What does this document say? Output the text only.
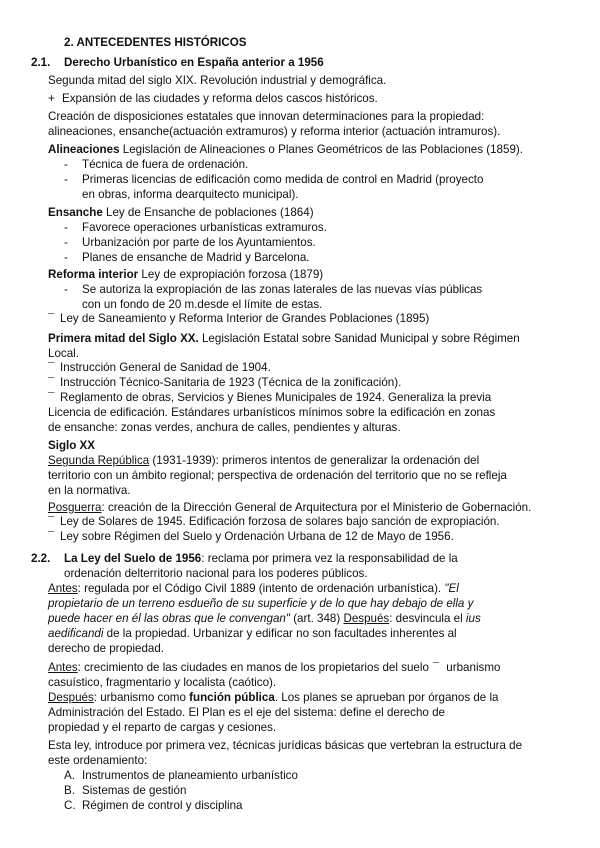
2. ANTECEDENTES HISTÓRICOS

2.1. Derecho Urbanístico en España anterior a 1956

Segunda mitad del siglo XIX. Revolución industrial y demográfica.

+ Expansión de las ciudades y reforma delos cascos históricos.

Creación de disposiciones estatales que innovan determinaciones para la propiedad:

alineaciones, ensanche(actuación extramuros) y reforma interior (actuación intramuros).

Alineaciones Legislación de Alineaciones o Planes Geométricos de las Poblaciones (1859).

- Técnica de fuera de ordenación.

- Primeras licencias de edificación como medida de control en Madrid (proyecto

en obras, informa dearquitecto municipal).

Ensanche Ley de Ensanche de poblaciones (1864)

- Favorece operaciones urbanísticas extramuros.

- Urbanización por parte de los Ayuntamientos.

- Planes de ensanche de Madrid y Barcelona.

Reforma interior Ley de expropiación forzosa (1879)

- Se autoriza la expropiación de las zonas laterales de las nuevas vías públicas

con un fondo de 20 m.desde el límite de estas.

¯ Ley de Saneamiento y Reforma Interior de Grandes Poblaciones (1895)

Primera mitad del Siglo XX. Legislación Estatal sobre Sanidad Municipal y sobre Régimen

Local.

¯ Instrucción General de Sanidad de 1904.

¯ Instrucción Técnico-Sanitaria de 1923 (Técnica de la zonificación).

¯ Reglamento de obras, Servicios y Bienes Municipales de 1924. Generaliza la previa

Licencia de edificación. Estándares urbanísticos mínimos sobre la edificación en zonas

de ensanche: zonas verdes, anchura de calles, pendientes y alturas.

Siglo XX

Segunda República (1931-1939): primeros intentos de generalizar la ordenación del

territorio con un ámbito regional; perspectiva de ordenación del territorio que no se refleja

en la normativa.

Posguerra: creación de la Dirección General de Arquitectura por el Ministerio de Gobernación.

¯ Ley de Solares de 1945. Edificación forzosa de solares bajo sanción de expropiación.

¯ Ley sobre Régimen del Suelo y Ordenación Urbana de 12 de Mayo de 1956.

2.2. La Ley del Suelo de 1956: reclama por primera vez la responsabilidad de la

ordenación delterritorio nacional para los poderes públicos.

Antes: regulada por el Código Civil 1889 (intento de ordenación urbanística). "El

propietario de un terreno esdueño de su superficie y de lo que hay debajo de ella y

puede hacer en él las obras que le convengan" (art. 348) Después: desvincula el ius

aedificandi de la propiedad. Urbanizar y edificar no son facultades inherentes al

derecho de propiedad.

Antes: crecimiento de las ciudades en manos de los propietarios del suelo ¯ urbanismo

casuístico, fragmentario y localista (caótico).

Después: urbanismo como función pública. Los planes se aprueban por órganos de la

Administración del Estado. El Plan es el eje del sistema: define el derecho de

propiedad y el reparto de cargas y cesiones.

Esta ley, introduce por primera vez, técnicas jurídicas básicas que vertebran la estructura de

este ordenamiento:

A. Instrumentos de planeamiento urbanístico

B. Sistemas de gestión

C. Régimen de control y disciplina
